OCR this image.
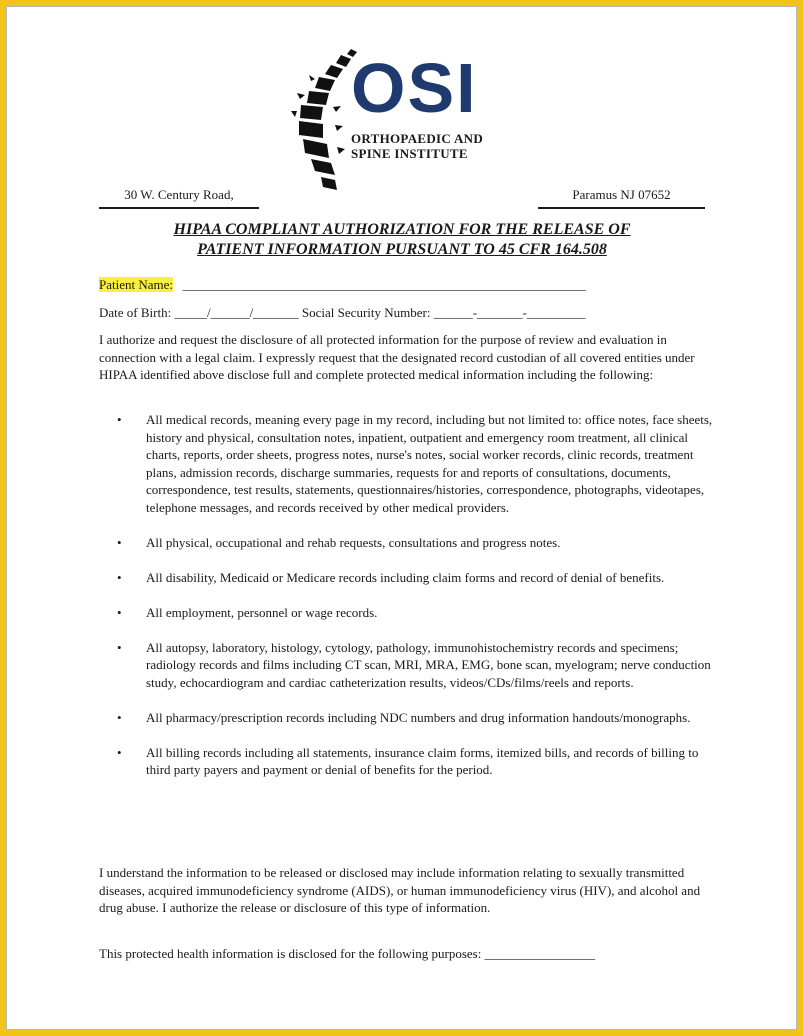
OSI
ORTHOPAEDIC AND
SPINE INSTITUTE
30 W. Century Road,	Paramus NJ 07652
HIPAA COMPLIANT AUTHORIZATION FOR THE RELEASE OF
PATIENT INFORMATION PURSUANT TO 45 CFR 164.508
Patient Name: ______________________________________________________________
Date of Birth: _____/______/_______ Social Security Number: ______-_______-_________

I authorize and request the disclosure of all protected information for the purpose of review and evaluation in connection with a legal claim. I expressly request that the designated record custodian of all covered entities under HIPAA identified above disclose full and complete protected medical information including the following:

• All medical records, meaning every page in my record, including but not limited to: office notes, face sheets, history and physical, consultation notes, inpatient, outpatient and emergency room treatment, all clinical charts, reports, order sheets, progress notes, nurse's notes, social worker records, clinic records, treatment plans, admission records, discharge summaries, requests for and reports of consultations, documents, correspondence, test results, statements, questionnaires/histories, correspondence, photographs, videotapes, telephone messages, and records received by other medical providers.
• All physical, occupational and rehab requests, consultations and progress notes.
• All disability, Medicaid or Medicare records including claim forms and record of denial of benefits.
• All employment, personnel or wage records.
• All autopsy, laboratory, histology, cytology, pathology, immunohistochemistry records and specimens; radiology records and films including CT scan, MRI, MRA, EMG, bone scan, myelogram; nerve conduction study, echocardiogram and cardiac catheterization results, videos/CDs/films/reels and reports.
• All pharmacy/prescription records including NDC numbers and drug information handouts/monographs.
• All billing records including all statements, insurance claim forms, itemized bills, and records of billing to third party payers and payment or denial of benefits for the period.

I understand the information to be released or disclosed may include information relating to sexually transmitted diseases, acquired immunodeficiency syndrome (AIDS), or human immunodeficiency virus (HIV), and alcohol and drug abuse. I authorize the release or disclosure of this type of information.

This protected health information is disclosed for the following purposes: _________________
